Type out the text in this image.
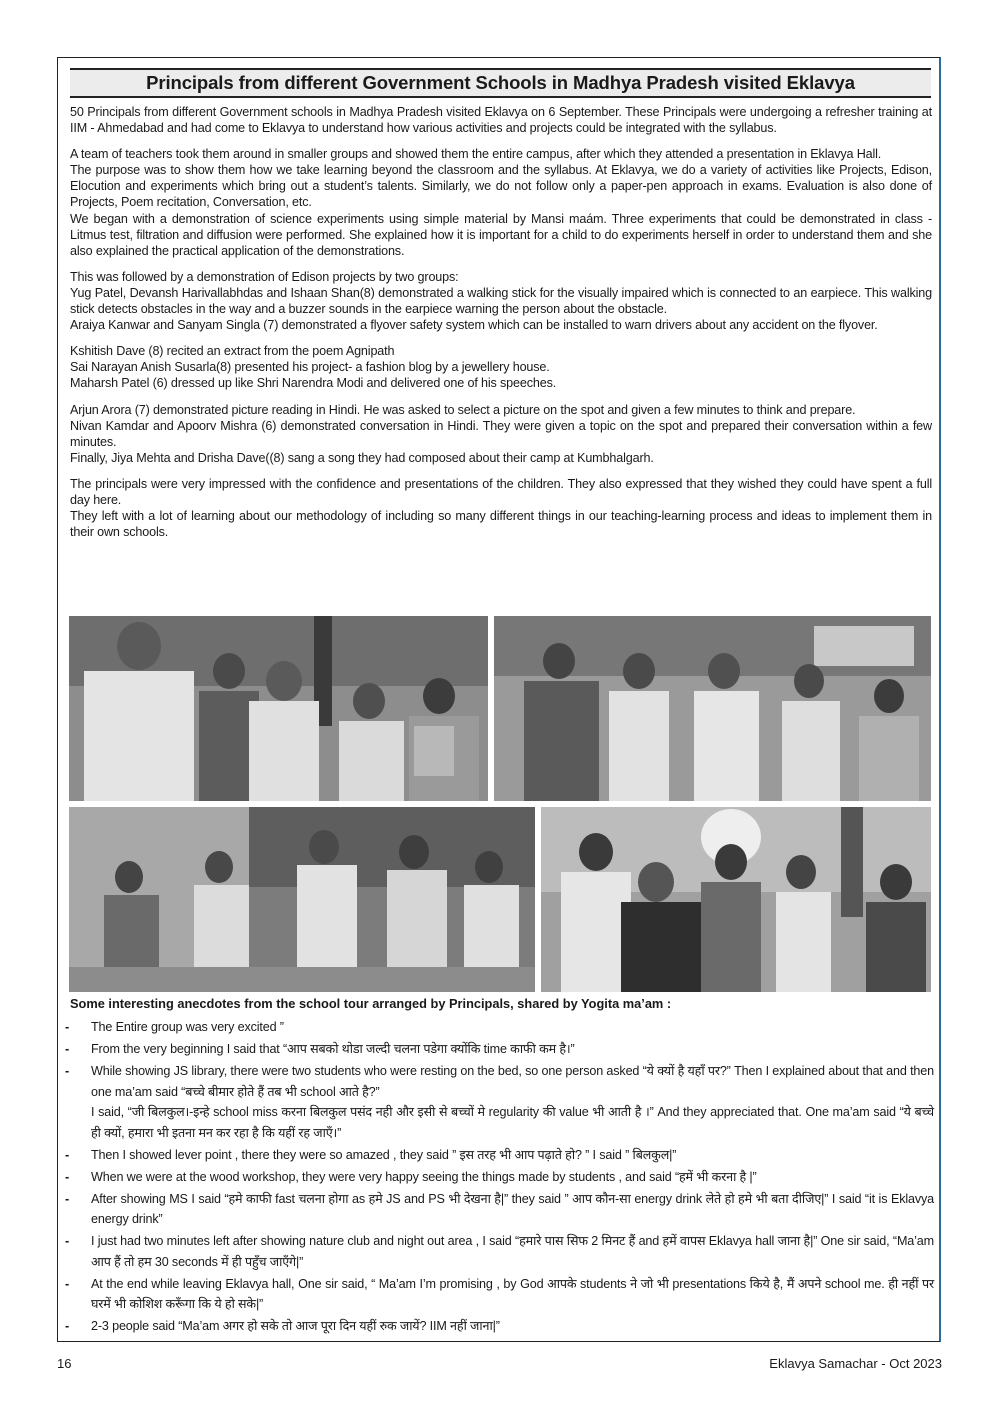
Principals from different Government Schools in Madhya Pradesh visited Eklavya

50 Principals from different Government schools in Madhya Pradesh visited Eklavya on 6 September. These Principals were undergoing a refresher training at IIM - Ahmedabad and had come to Eklavya to understand how various activities and projects could be integrated with the syllabus.

A team of teachers took them around in smaller groups and showed them the entire campus, after which they attended a presentation in Eklavya Hall.

The purpose was to show them how we take learning beyond the classroom and the syllabus. At Eklavya, we do a variety of activities like Projects, Edison, Elocution and experiments which bring out a student’s talents. Similarly, we do not follow only a paper-pen approach in exams. Evaluation is also done of Projects, Poem recitation, Conversation, etc.

We began with a demonstration of science experiments using simple material by Mansi maám. Three experiments that could be demonstrated in class - Litmus test, filtration and diffusion were performed. She explained how it is important for a child to do experiments herself in order to understand them and she also explained the practical application of the demonstrations.

This was followed by a demonstration of Edison projects by two groups:

Yug Patel, Devansh Harivallabhdas and Ishaan Shan(8) demonstrated a walking stick for the visually impaired which is connected to an earpiece. This walking stick detects obstacles in the way and a buzzer sounds in the earpiece warning the person about the obstacle.

Araiya Kanwar and Sanyam Singla (7) demonstrated a flyover safety system which can be installed to warn drivers about any accident on the flyover.

Kshitish Dave (8) recited an extract from the poem Agnipath

Sai Narayan Anish Susarla(8) presented his project- a fashion blog by a jewellery house.

Maharsh Patel (6) dressed up like Shri Narendra Modi and delivered one of his speeches.

Arjun Arora (7) demonstrated picture reading in Hindi. He was asked to select a picture on the spot and given a few minutes to think and prepare.

Nivan Kamdar and Apoorv Mishra (6) demonstrated conversation in Hindi. They were given a topic on the spot and prepared their conversation within a few minutes.

Finally, Jiya Mehta and Drisha Dave((8) sang a song they had composed about their camp at Kumbhalgarh.

The principals were very impressed with the confidence and presentations of the children. They also expressed that they wished they could have spent a full day here.

They left with a lot of learning about our methodology of including so many different things in our teaching-learning process and ideas to implement them in their own schools.

Some interesting anecdotes from the school tour arranged by Principals, shared by Yogita ma’am :
- The Entire group was very excited ”

- From the very beginning I said that “आप सबको थोडा जल्दी चलना पडेगा क्योंकि time काफी कम है।”

- While showing JS library, there were two students who were resting on the bed, so one person asked “ये क्यों है यहाँ पर?” Then I explained about that and then one ma’am said “बच्चे बीमार होते हैं तब भी school आते है?”

I said, “जी बिलकुल।-इन्हे school miss करना बिलकुल पसंद नही और इसी से बच्चों मे regularity की value भी आती है ।” And they appreciated that. One ma’am said “ये बच्चे ही क्यों, हमारा भी इतना मन कर रहा है कि यहीं रह जाएँ।”

- Then I showed lever point , there they were so amazed , they said ” इस तरह भी आप पढ़ाते हो? ” I said ” बिलकुल|”

- When we were at the wood workshop, they were very happy seeing the things made by students , and said “हमें भी करना है |”

- After showing MS I said “हमे काफी fast चलना होगा as हमे JS and PS भी देखना है|” they said ” आप कौन-सा energy drink लेते हो हमे भी बता दीजिए|” I said “it is Eklavya energy drink”

- I just had two minutes left after showing nature club and night out area , I said “हमारे पास सिफ 2 मिनट हैं and हमें वापस Eklavya hall जाना है|” One sir said, “Ma’am आप हैं तो हम 30 seconds में ही पहुँच जाएँगे|”

- At the end while leaving Eklavya hall, One sir said, “ Ma’am I’m promising , by God आपके students ने जो भी presentations किये है, मैं अपने school me. ही नहीं पर घरमें भी कोशिश करूँगा कि ये हो सके|”

- 2-3 people said “Ma’am अगर हो सके तो आज पूरा दिन यहीं रुक जायें? IIM नहीं जाना|”

16	Eklavya Samachar - Oct 2023
